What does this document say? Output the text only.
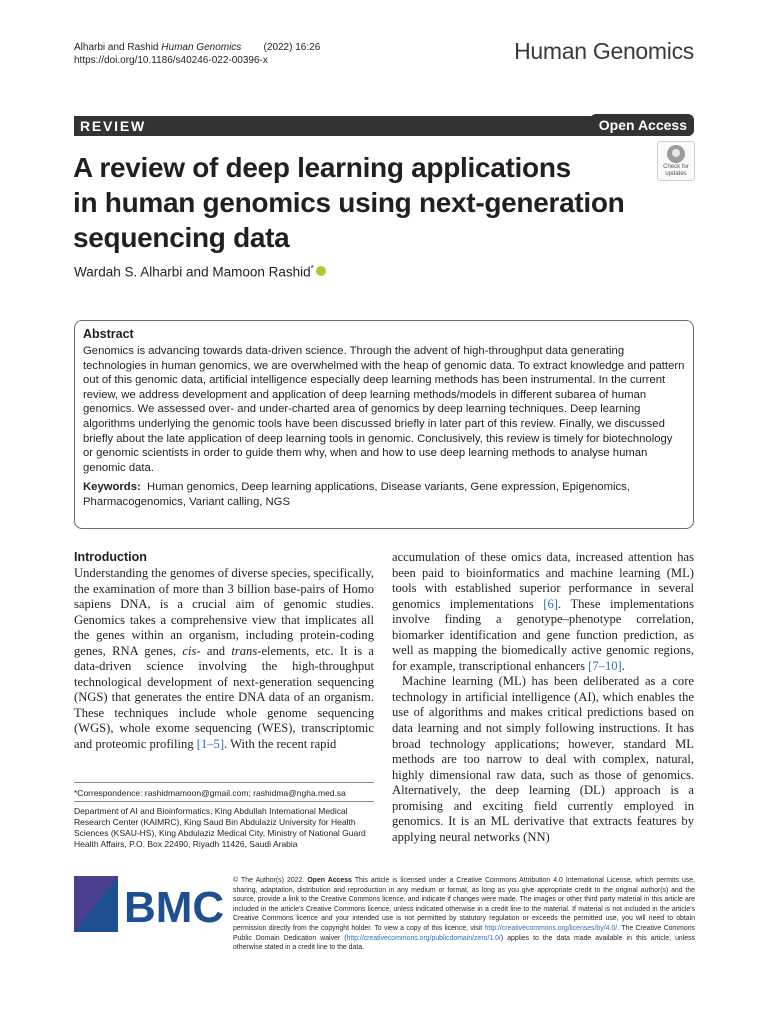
Alharbi and Rashid Human Genomics (2022) 16:26
https://doi.org/10.1186/s40246-022-00396-x	Human Genomics
REVIEW	Open Access
A review of deep learning applications
in human genomics using next-generation
sequencing data
Check for
updates
Wardah S. Alharbi and Mamoon Rashid*
Abstract

Genomics is advancing towards data-driven science. Through the advent of high-throughput data generating technologies in human genomics, we are overwhelmed with the heap of genomic data. To extract knowledge and pattern out of this genomic data, artificial intelligence especially deep learning methods has been instrumental. In the current review, we address development and application of deep learning methods/models in different subarea of human genomics. We assessed over- and under-charted area of genomics by deep learning techniques. Deep learning algorithms underlying the genomic tools have been discussed briefly in later part of this review. Finally, we discussed briefly about the late application of deep learning tools in genomic. Conclusively, this review is timely for biotechnology or genomic scientists in order to guide them why, when and how to use deep learning methods to analyse human genomic data.

Keywords: Human genomics, Deep learning applications, Disease variants, Gene expression, Epigenomics, Pharmacogenomics, Variant calling, NGS

Introduction
Understanding the genomes of diverse species, specifically, the examination of more than 3 billion base-pairs of Homo sapiens DNA, is a crucial aim of genomic studies. Genomics takes a comprehensive view that implicates all the genes within an organism, including protein-coding genes, RNA genes, cis- and trans-elements, etc. It is a data-driven science involving the high-throughput technological development of next-generation sequencing (NGS) that generates the entire DNA data of an organism. These techniques include whole genome sequencing (WGS), whole exome sequencing (WES), transcriptomic and proteomic profiling [1–5]. With the recent rapid

accumulation of these omics data, increased attention has been paid to bioinformatics and machine learning (ML) tools with established superior performance in several genomics implementations [6]. These implementations involve finding a genotype–phenotype correlation, biomarker identification and gene function prediction, as well as mapping the biomedically active genomic regions, for example, transcriptional enhancers [7–10].

Machine learning (ML) has been deliberated as a core technology in artificial intelligence (AI), which enables the use of algorithms and makes critical predictions based on data learning and not simply following instructions. It has broad technology applications; however, standard ML methods are too narrow to deal with complex, natural, highly dimensional raw data, such as those of genomics. Alternatively, the deep learning (DL) approach is a promising and exciting field currently employed in genomics. It is an ML derivative that extracts features by applying neural networks (NN)

*Correspondence: rashidmamoon@gmail.com; rashidma@ngha.med.sa
Department of AI and Bioinformatics, King Abdullah International Medical Research Center (KAIMRC), King Saud Bin Abdulaziz University for Health Sciences (KSAU-HS), King Abdulaziz Medical City, Ministry of National Guard Health Affairs, P.O. Box 22490, Riyadh 11426, Saudi Arabia
BMC
© The Author(s) 2022. Open Access This article is licensed under a Creative Commons Attribution 4.0 International License, which permits use, sharing, adaptation, distribution and reproduction in any medium or format, as long as you give appropriate credit to the original author(s) and the source, provide a link to the Creative Commons licence, and indicate if changes were made. The images or other third party material in this article are included in the article's Creative Commons licence, unless indicated otherwise in a credit line to the material. If material is not included in the article's Creative Commons licence and your intended use is not permitted by statutory regulation or exceeds the permitted use, you will need to obtain permission directly from the copyright holder. To view a copy of this licence, visit http://creativecommons.org/licenses/by/4.0/. The Creative Commons Public Domain Dedication waiver (http://creativecommons.org/publicdomain/zero/1.0/) applies to the data made available in this article, unless otherwise stated in a credit line to the data.
